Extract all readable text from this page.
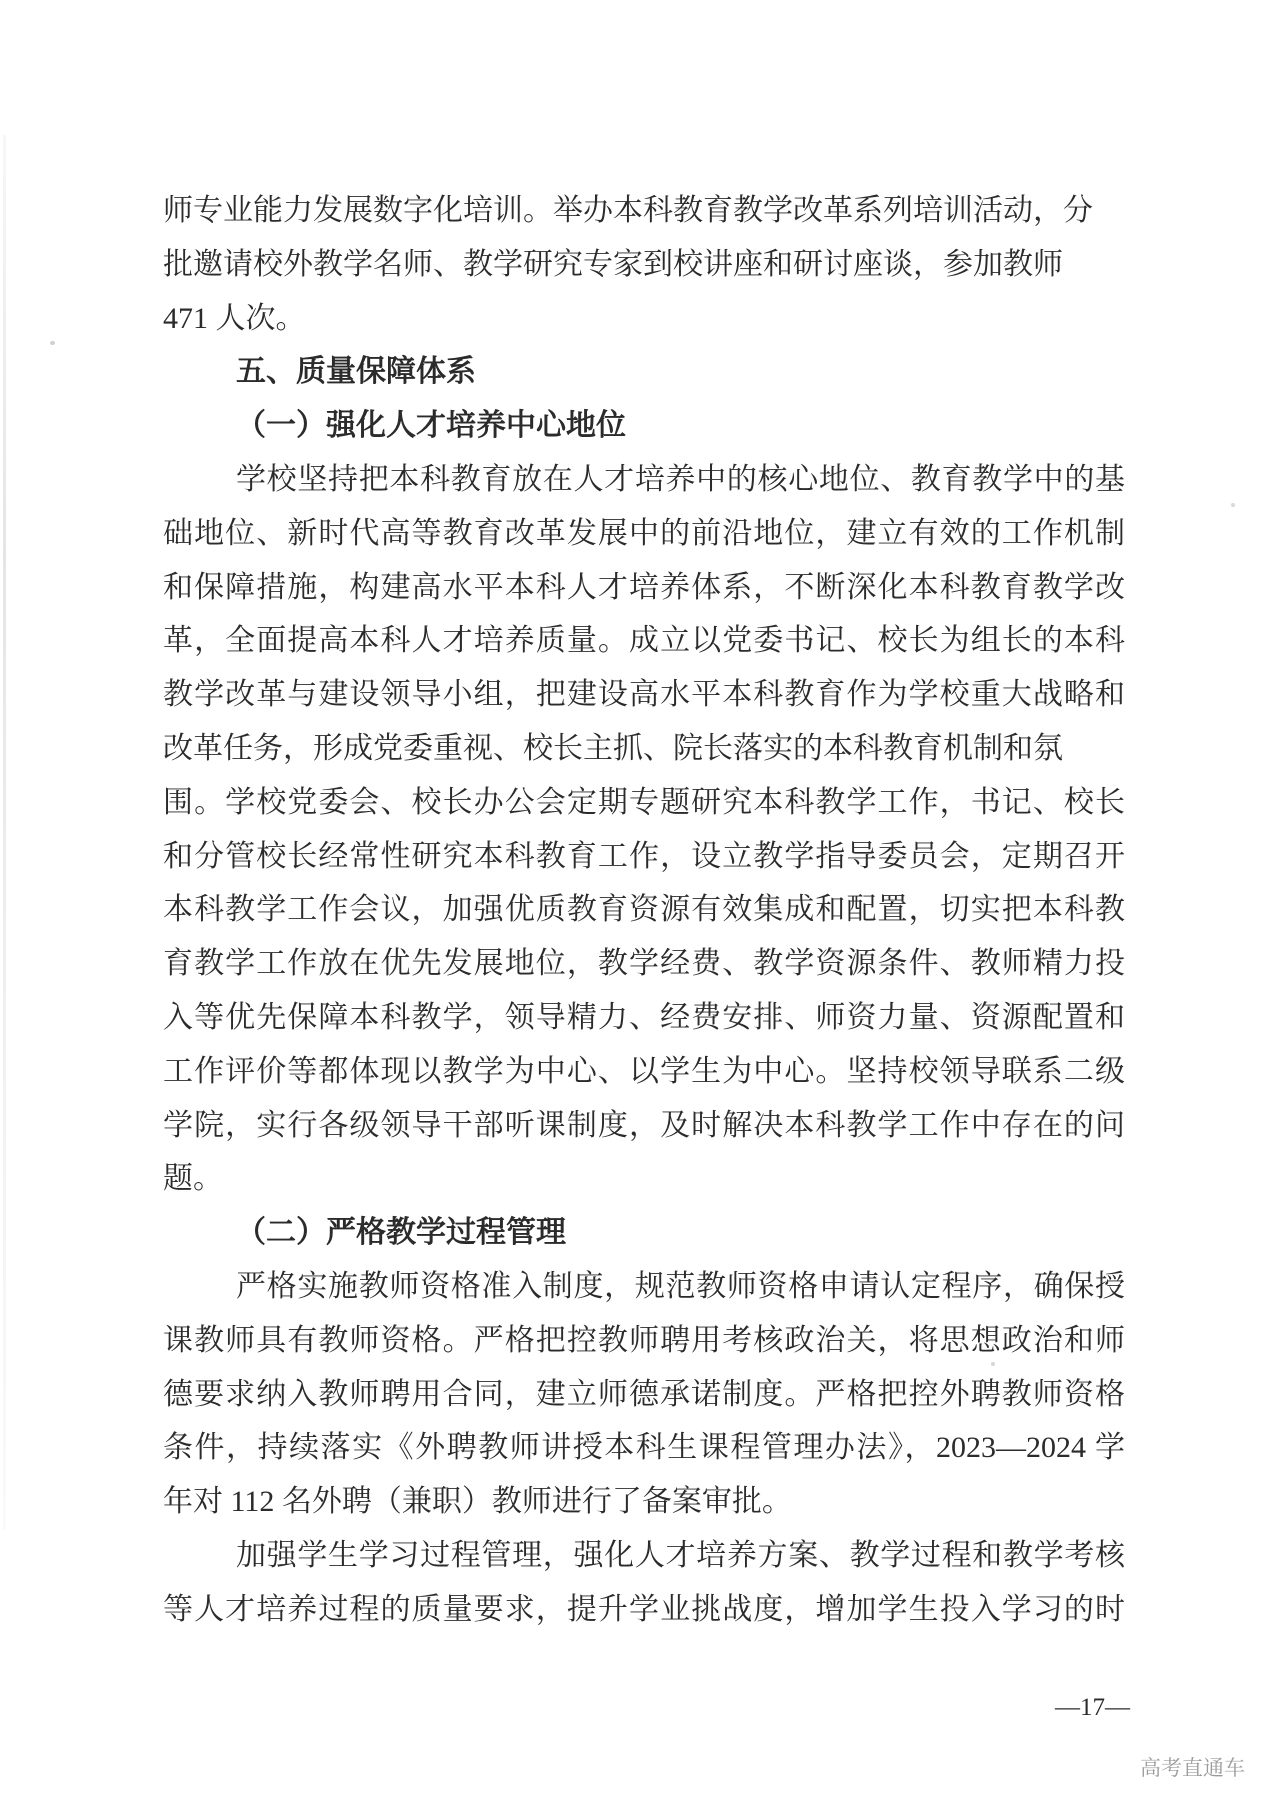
师专业能力发展数字化培训。举办本科教育教学改革系列培训活动，分
批邀请校外教学名师、教学研究专家到校讲座和研讨座谈，参加教师
471 人次。
五、质量保障体系
（一）强化人才培养中心地位
学校坚持把本科教育放在人才培养中的核心地位、教育教学中的基
础地位、新时代高等教育改革发展中的前沿地位，建立有效的工作机制
和保障措施，构建高水平本科人才培养体系，不断深化本科教育教学改
革，全面提高本科人才培养质量。成立以党委书记、校长为组长的本科
教学改革与建设领导小组，把建设高水平本科教育作为学校重大战略和
改革任务，形成党委重视、校长主抓、院长落实的本科教育机制和氛
围。学校党委会、校长办公会定期专题研究本科教学工作，书记、校长
和分管校长经常性研究本科教育工作，设立教学指导委员会，定期召开
本科教学工作会议，加强优质教育资源有效集成和配置，切实把本科教
育教学工作放在优先发展地位，教学经费、教学资源条件、教师精力投
入等优先保障本科教学，领导精力、经费安排、师资力量、资源配置和
工作评价等都体现以教学为中心、以学生为中心。坚持校领导联系二级
学院，实行各级领导干部听课制度，及时解决本科教学工作中存在的问
题。
（二）严格教学过程管理
严格实施教师资格准入制度，规范教师资格申请认定程序，确保授
课教师具有教师资格。严格把控教师聘用考核政治关，将思想政治和师
德要求纳入教师聘用合同，建立师德承诺制度。严格把控外聘教师资格
条件，持续落实《外聘教师讲授本科生课程管理办法》，2023—2024 学
年对 112 名外聘（兼职）教师进行了备案审批。
加强学生学习过程管理，强化人才培养方案、教学过程和教学考核
等人才培养过程的质量要求，提升学业挑战度，增加学生投入学习的时
—17—
高考直通车
